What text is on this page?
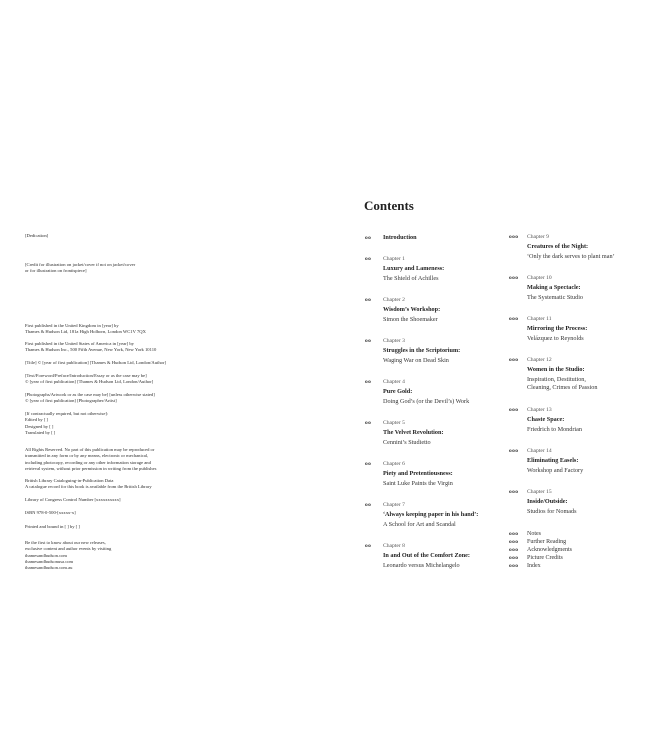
[Dedication]
[Credit for illustration on jacket/cover if not on jacket/cover
or for illustration on frontispiece]
First published in the United Kingdom in [year] by
Thames & Hudson Ltd, 181a High Holborn, London WC1V 7QX
First published in the United States of America in [year] by
Thames & Hudson Inc., 500 Fifth Avenue, New York, New York 10110
[Title] © [year of first publication] [Thames & Hudson Ltd, London/Author]
[Text/Foreword/Preface/Introduction/Essay or as the case may be]
© [year of first publication] [Thames & Hudson Ltd, London/Author]
[Photographs/Artwork or as the case may be] [unless otherwise stated]
© [year of first publication] [Photographer/Artist]
[If contractually required, but not otherwise]:
Edited by [ ]
Designed by [ ]
Translated by [ ]
All Rights Reserved. No part of this publication may be reproduced or
transmitted in any form or by any means, electronic or mechanical,
including photocopy, recording or any other information storage and
retrieval system, without prior permission in writing from the publisher.
British Library Cataloguing-in-Publication Data
A catalogue record for this book is available from the British Library
Library of Congress Control Number [xxxxxxxxxx]
ISBN 978-0-500-[xxxxx-x]
Printed and bound in [ ] by [ ]
Be the first to know about our new releases,
exclusive content and author events by visiting
thamesandhudson.com
thamesandhudsonusa.com
thamesandhudson.com.au
Contents
oo Introduction
oo Chapter 1
Luxury and Lameness:
The Shield of Achilles
oo Chapter 2
Wisdom’s Workshop:
Simon the Shoemaker
oo Chapter 3
Struggles in the Scriptorium:
Waging War on Dead Skin
oo Chapter 4
Pure Gold:
Doing God’s (or the Devil’s) Work
oo Chapter 5
The Velvet Revolution:
Cennini’s Studietto
oo Chapter 6
Piety and Pretentiousness:
Saint Luke Paints the Virgin
oo Chapter 7
‘Always keeping paper in his hand’:
A School for Art and Scandal
oo Chapter 8
In and Out of the Comfort Zone:
Leonardo versus Michelangelo
ooo Chapter 9
Creatures of the Night:
‘Only the dark serves to plant man’
ooo Chapter 10
Making a Spectacle:
The Systematic Studio
ooo Chapter 11
Mirroring the Process:
Velázquez to Reynolds
ooo Chapter 12
Women in the Studio:
Inspiration, Destitution,
Cleaning, Crimes of Passion
ooo Chapter 13
Chaste Space:
Friedrich to Mondrian
ooo Chapter 14
Eliminating Easels:
Workshop and Factory
ooo Chapter 15
Inside/Outside:
Studios for Nomads
ooo Notes
ooo Further Reading
ooo Acknowledgments
ooo Picture Credits
ooo Index
